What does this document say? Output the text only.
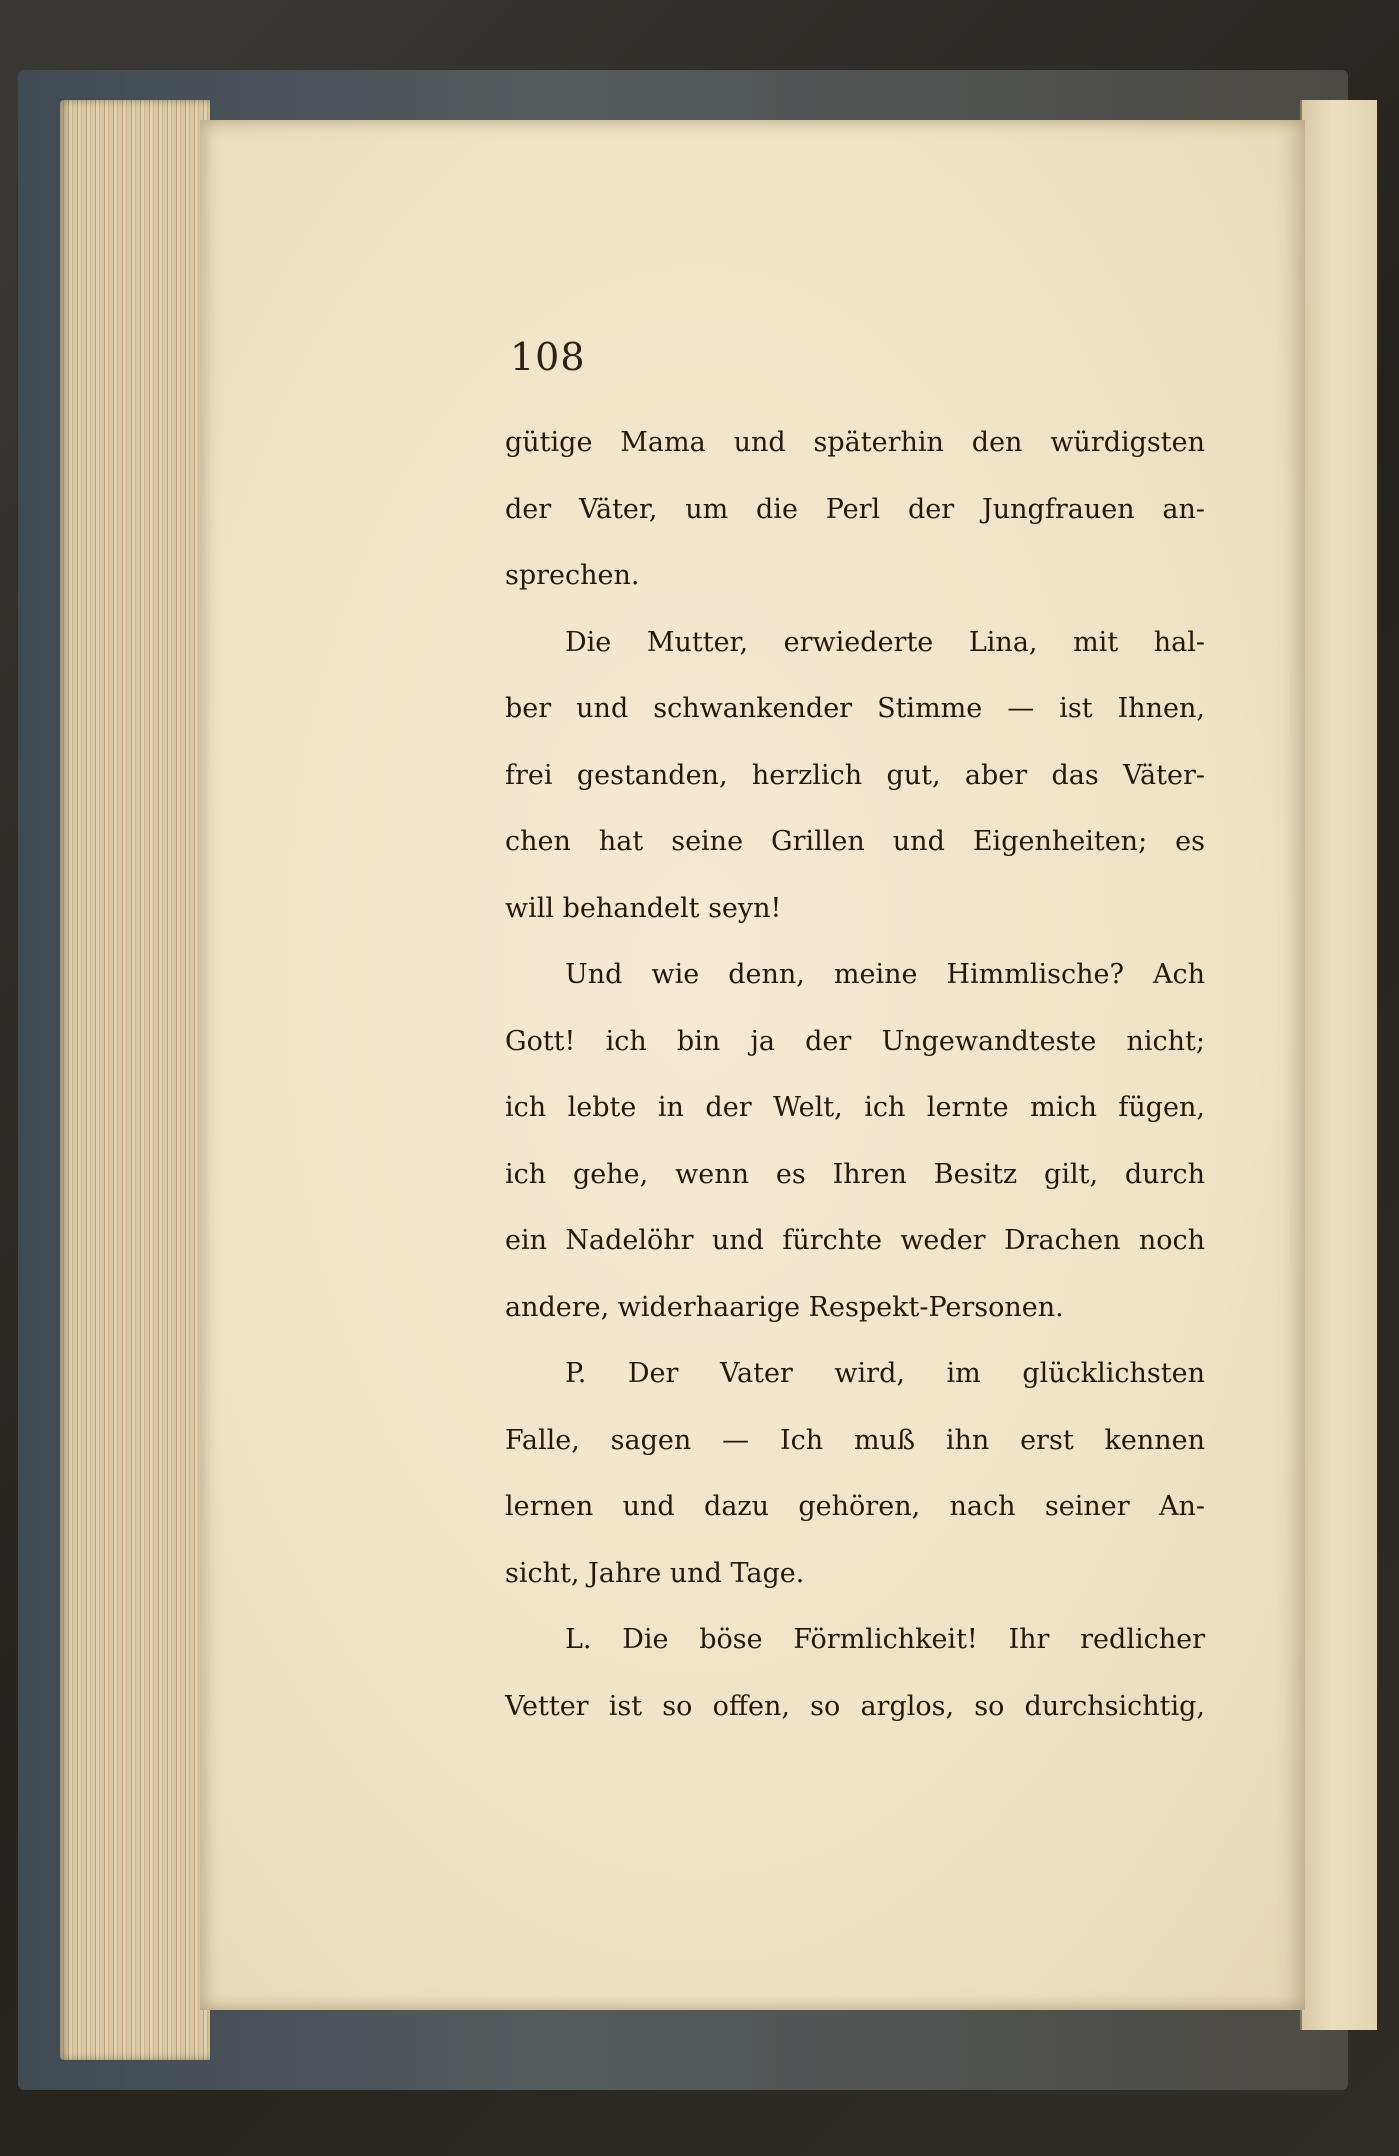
108
gütige Mama und späterhin den würdigsten
der Väter, um die Perl der Jungfrauen an-
sprechen.
Die Mutter, erwiederte Lina, mit hal-
ber und schwankender Stimme — ist Ihnen,
frei gestanden, herzlich gut, aber das Väter-
chen hat seine Grillen und Eigenheiten; es
will behandelt seyn!
Und wie denn, meine Himmlische? Ach
Gott! ich bin ja der Ungewandteste nicht;
ich lebte in der Welt, ich lernte mich fügen,
ich gehe, wenn es Ihren Besitz gilt, durch
ein Nadelöhr und fürchte weder Drachen noch
andere, widerhaarige Respekt-Personen.
P. Der Vater wird, im glücklichsten
Falle, sagen — Ich muß ihn erst kennen
lernen und dazu gehören, nach seiner An-
sicht, Jahre und Tage.
L. Die böse Förmlichkeit! Ihr redlicher
Vetter ist so offen, so arglos, so durchsichtig,
